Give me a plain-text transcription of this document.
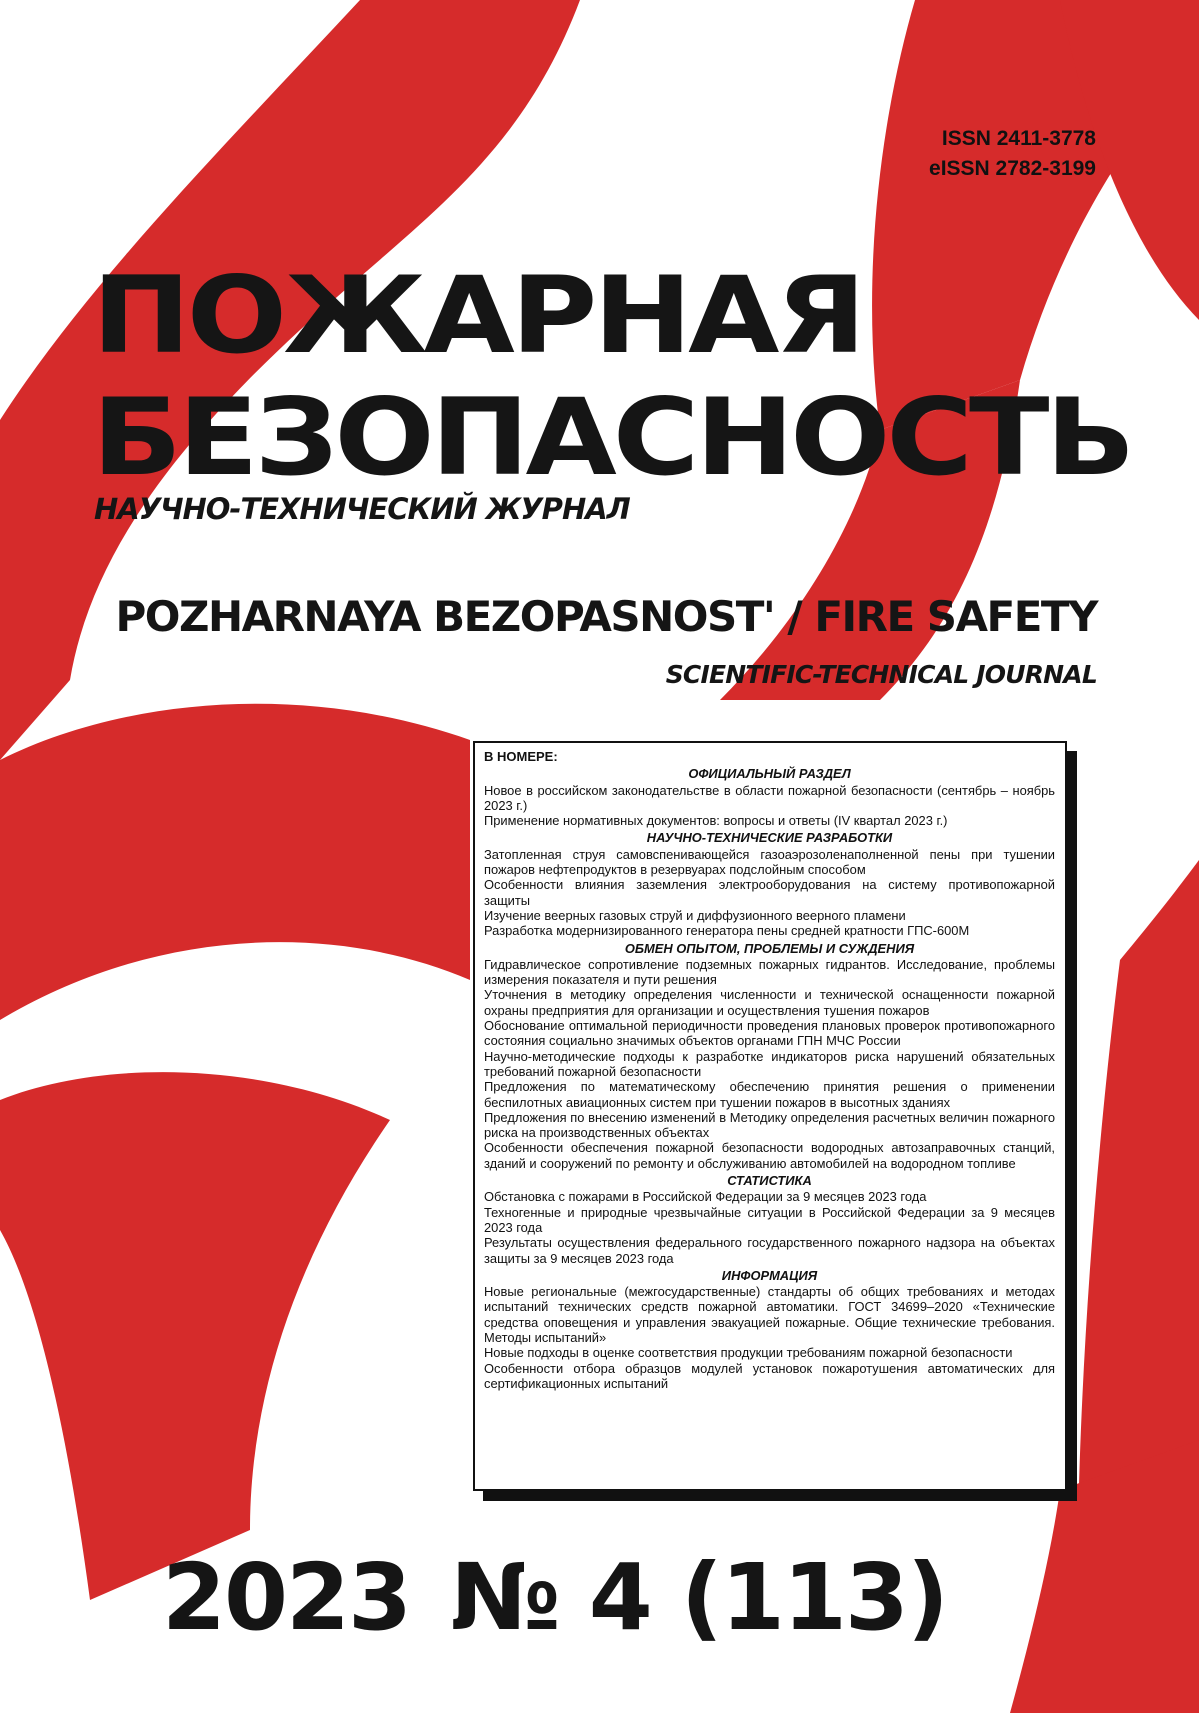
ISSN 2411-3778
eISSN 2782-3199
ПОЖАРНАЯ
БЕЗОПАСНОСТЬ
НАУЧНО-ТЕХНИЧЕСКИЙ ЖУРНАЛ
POZHARNAYA BEZOPASNOST' / FIRE SAFETY
SCIENTIFIC-TECHNICAL JOURNAL
В НОМЕРЕ:
ОФИЦИАЛЬНЫЙ РАЗДЕЛ
Новое в российском законодательстве в области пожарной безопасности (сентябрь – ноябрь 2023 г.)
Применение нормативных документов: вопросы и ответы (IV квартал 2023 г.)
НАУЧНО-ТЕХНИЧЕСКИЕ РАЗРАБОТКИ
Затопленная струя самовспенивающейся газоаэрозоленаполненной пены при тушении пожаров нефтепродуктов в резервуарах подслойным способом
Особенности влияния заземления электрооборудования на систему противопожарной защиты
Изучение веерных газовых струй и диффузионного веерного пламени
Разработка модернизированного генератора пены средней кратности ГПС-600М
ОБМЕН ОПЫТОМ, ПРОБЛЕМЫ И СУЖДЕНИЯ
Гидравлическое сопротивление подземных пожарных гидрантов. Исследование, проблемы измерения показателя и пути решения
Уточнения в методику определения численности и технической оснащенности пожарной охраны предприятия для организации и осуществления тушения пожаров
Обоснование оптимальной периодичности проведения плановых проверок противопожарного состояния социально значимых объектов органами ГПН МЧС России
Научно-методические подходы к разработке индикаторов риска нарушений обязательных требований пожарной безопасности
Предложения по математическому обеспечению принятия решения о применении беспилотных авиационных систем при тушении пожаров в высотных зданиях
Предложения по внесению изменений в Методику определения расчетных величин пожарного риска на производственных объектах
Особенности обеспечения пожарной безопасности водородных автозаправочных станций, зданий и сооружений по ремонту и обслуживанию автомобилей на водородном топливе
СТАТИСТИКА
Обстановка с пожарами в Российской Федерации за 9 месяцев 2023 года
Техногенные и природные чрезвычайные ситуации в Российской Федерации за 9 месяцев 2023 года
Результаты осуществления федерального государственного пожарного надзора на объектах защиты за 9 месяцев 2023 года
ИНФОРМАЦИЯ
Новые региональные (межгосударственные) стандарты об общих требованиях и методах испытаний технических средств пожарной автоматики. ГОСТ 34699–2020 «Технические средства оповещения и управления эвакуацией пожарные. Общие технические требования. Методы испытаний»
Новые подходы в оценке соответствия продукции требованиям пожарной безопасности
Особенности отбора образцов модулей установок пожаротушения автоматических для сертификационных испытаний
2023 № 4 (113)
